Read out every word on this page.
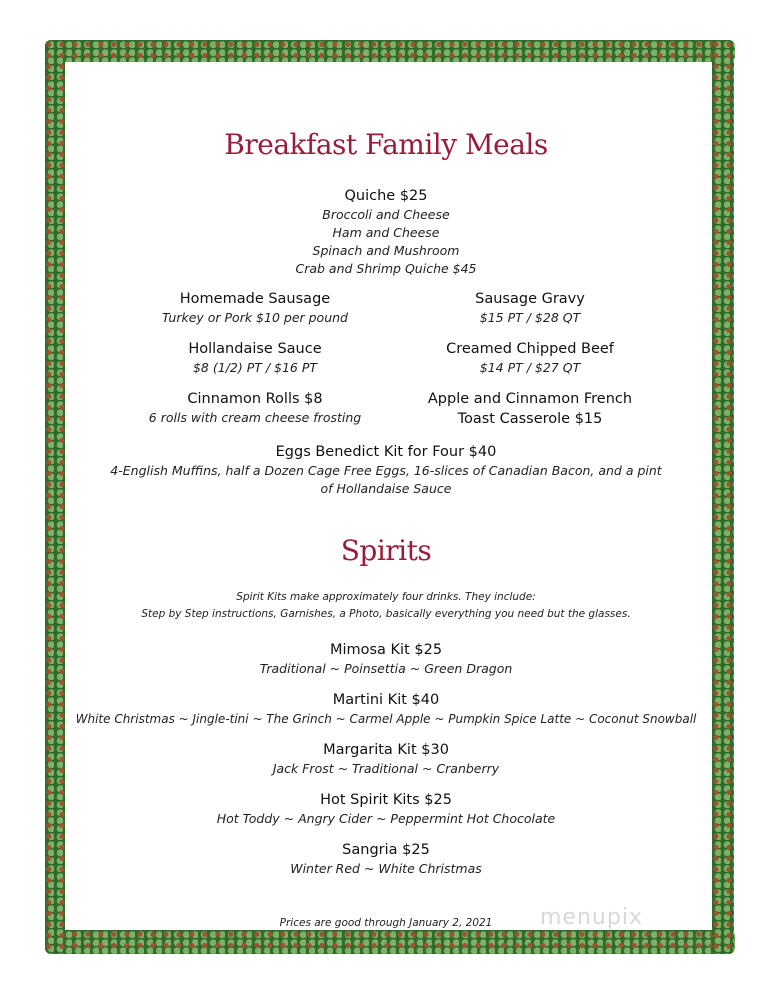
Breakfast Family Meals
Quiche $25
Broccoli and Cheese
Ham and Cheese
Spinach and Mushroom
Crab and Shrimp Quiche $45
Homemade Sausage
Turkey or Pork $10 per pound
Hollandaise Sauce
$8 (1/2) PT / $16 PT
Cinnamon Rolls $8
6 rolls with cream cheese frosting
Sausage Gravy
$15 PT / $28 QT
Creamed Chipped Beef
$14 PT / $27 QT
Apple and Cinnamon French
Toast Casserole $15
Eggs Benedict Kit for Four $40
4-English Muffins, half a Dozen Cage Free Eggs, 16-slices of Canadian Bacon, and a pint
of Hollandaise Sauce
Spirits
Spirit Kits make approximately four drinks. They include:
Step by Step instructions, Garnishes, a Photo, basically everything you need but the glasses.
Mimosa Kit $25
Traditional ~ Poinsettia ~ Green Dragon
Martini Kit $40
White Christmas ~ Jingle-tini ~ The Grinch ~ Carmel Apple ~ Pumpkin Spice Latte ~ Coconut Snowball
Margarita Kit $30
Jack Frost ~ Traditional ~ Cranberry
Hot Spirit Kits $25
Hot Toddy ~ Angry Cider ~ Peppermint Hot Chocolate
Sangria $25
Winter Red ~ White Christmas
Prices are good through January 2, 2021	menupix
